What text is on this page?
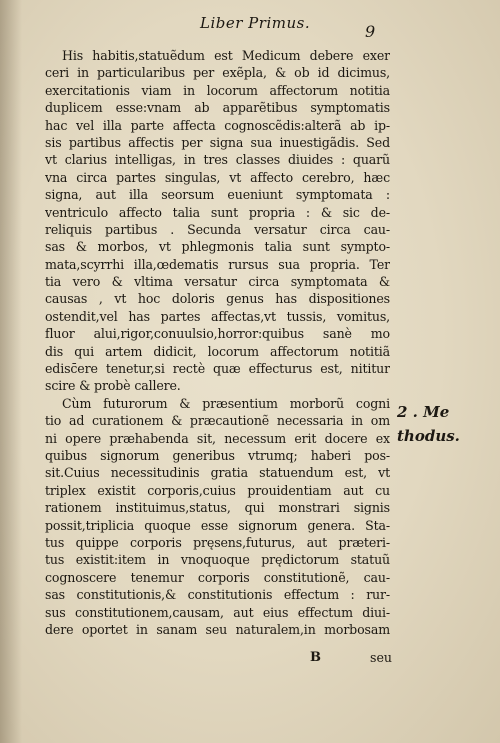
Liber Primus.	9
His habitis,statuẽdum est Medicum debere exer
ceri in particularibus per exẽpla, & ob id dicimus,
exercitationis viam in locorum affectorum notitia
duplicem esse:vnam ab apparẽtibus symptomatis
hac vel illa parte affecta cognoscẽdis:alterã ab ip-
sis partibus affectis per signa sua inuestigãdis. Sed
vt clarius intelligas, in tres classes diuides : quarũ
vna circa partes singulas, vt affecto cerebro, hæc
signa, aut illa seorsum eueniunt symptomata :
ventriculo affecto talia sunt propria : & sic de-
reliquis partibus . Secunda versatur circa cau-
sas & morbos, vt phlegmonis talia sunt sympto-
mata,scyrrhi illa,œdematis rursus sua propria. Ter
tia vero & vltima versatur circa symptomata &
causas , vt hoc doloris genus has dispositiones
ostendit,vel has partes affectas,vt tussis, vomitus,
fluor alui,rigor,conuulsio,horror:quibus sanè mo
dis qui artem didicit, locorum affectorum notitiã
edisc̄ere tenetur,si rectè quæ effecturus est, nititur
scire & probè callere.
Cùm futurorum & præsentium morborũ cogni
tio ad curationem & præcautionẽ necessaria in om
ni opere præhabenda sit, necessum erit docere ex
quibus signorum generibus vtrumq; haberi pos-
sit.Cuius necessitudinis gratia statuendum est, vt
triplex existit corporis,cuius prouidentiam aut cu
rationem instituimus,status, qui monstrari signis
possit,triplicia quoque esse signorum genera. Sta-
tus quippe corporis pręsens,futurus, aut præteri-
tus existit:item in vnoquoque prędictorum statuũ
cognoscere tenemur corporis constitutionẽ, cau-
sas constitutionis,& constitutionis effectum : rur-
sus constitutionem,causam, aut eius effectum diui-
dere oportet in sanam seu naturalem,in morbosam
2 . Me
thodus.
B	seu
